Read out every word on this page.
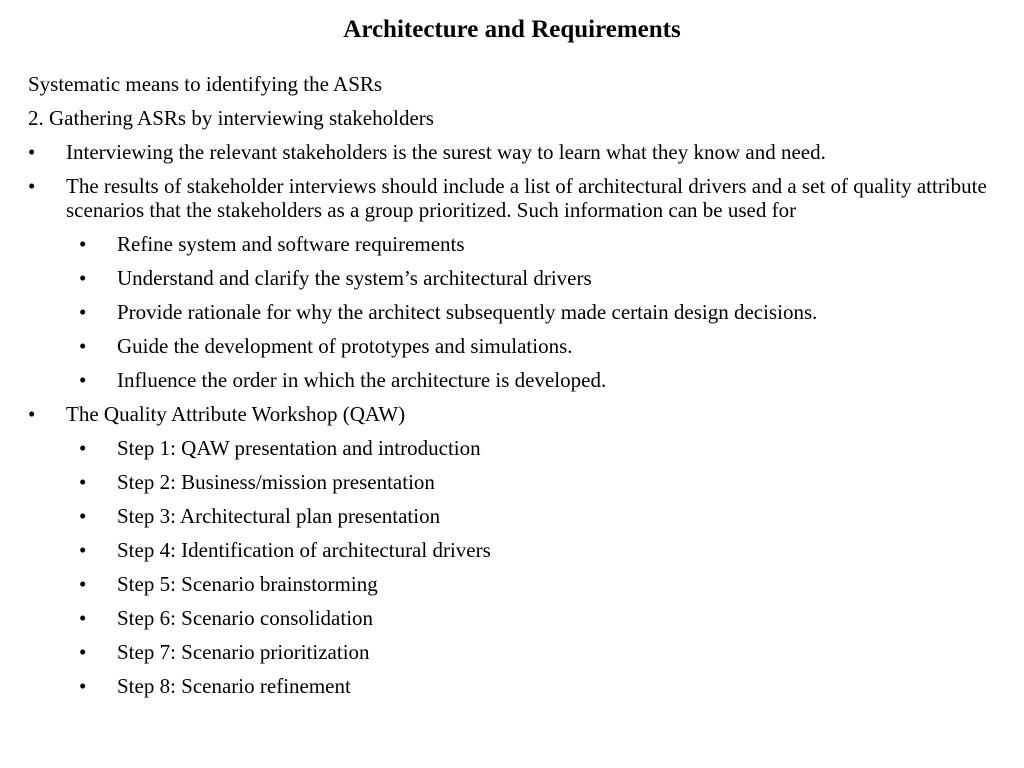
Architecture and Requirements
Systematic means to identifying the ASRs
2. Gathering ASRs by interviewing stakeholders
•	Interviewing the relevant stakeholders is the surest way to learn what they know and need.
•	The results of stakeholder interviews should include a list of architectural drivers and a set of quality attribute scenarios that the stakeholders as a group prioritized. Such information can be used for
•	Refine system and software requirements
•	Understand and clarify the system’s architectural drivers
•	Provide rationale for why the architect subsequently made certain design decisions.
•	Guide the development of prototypes and simulations.
•	Influence the order in which the architecture is developed.
•	The Quality Attribute Workshop (QAW)
•	Step 1: QAW presentation and introduction
•	Step 2: Business/mission presentation
•	Step 3: Architectural plan presentation
•	Step 4: Identification of architectural drivers
•	Step 5: Scenario brainstorming
•	Step 6: Scenario consolidation
•	Step 7: Scenario prioritization
•	Step 8: Scenario refinement
